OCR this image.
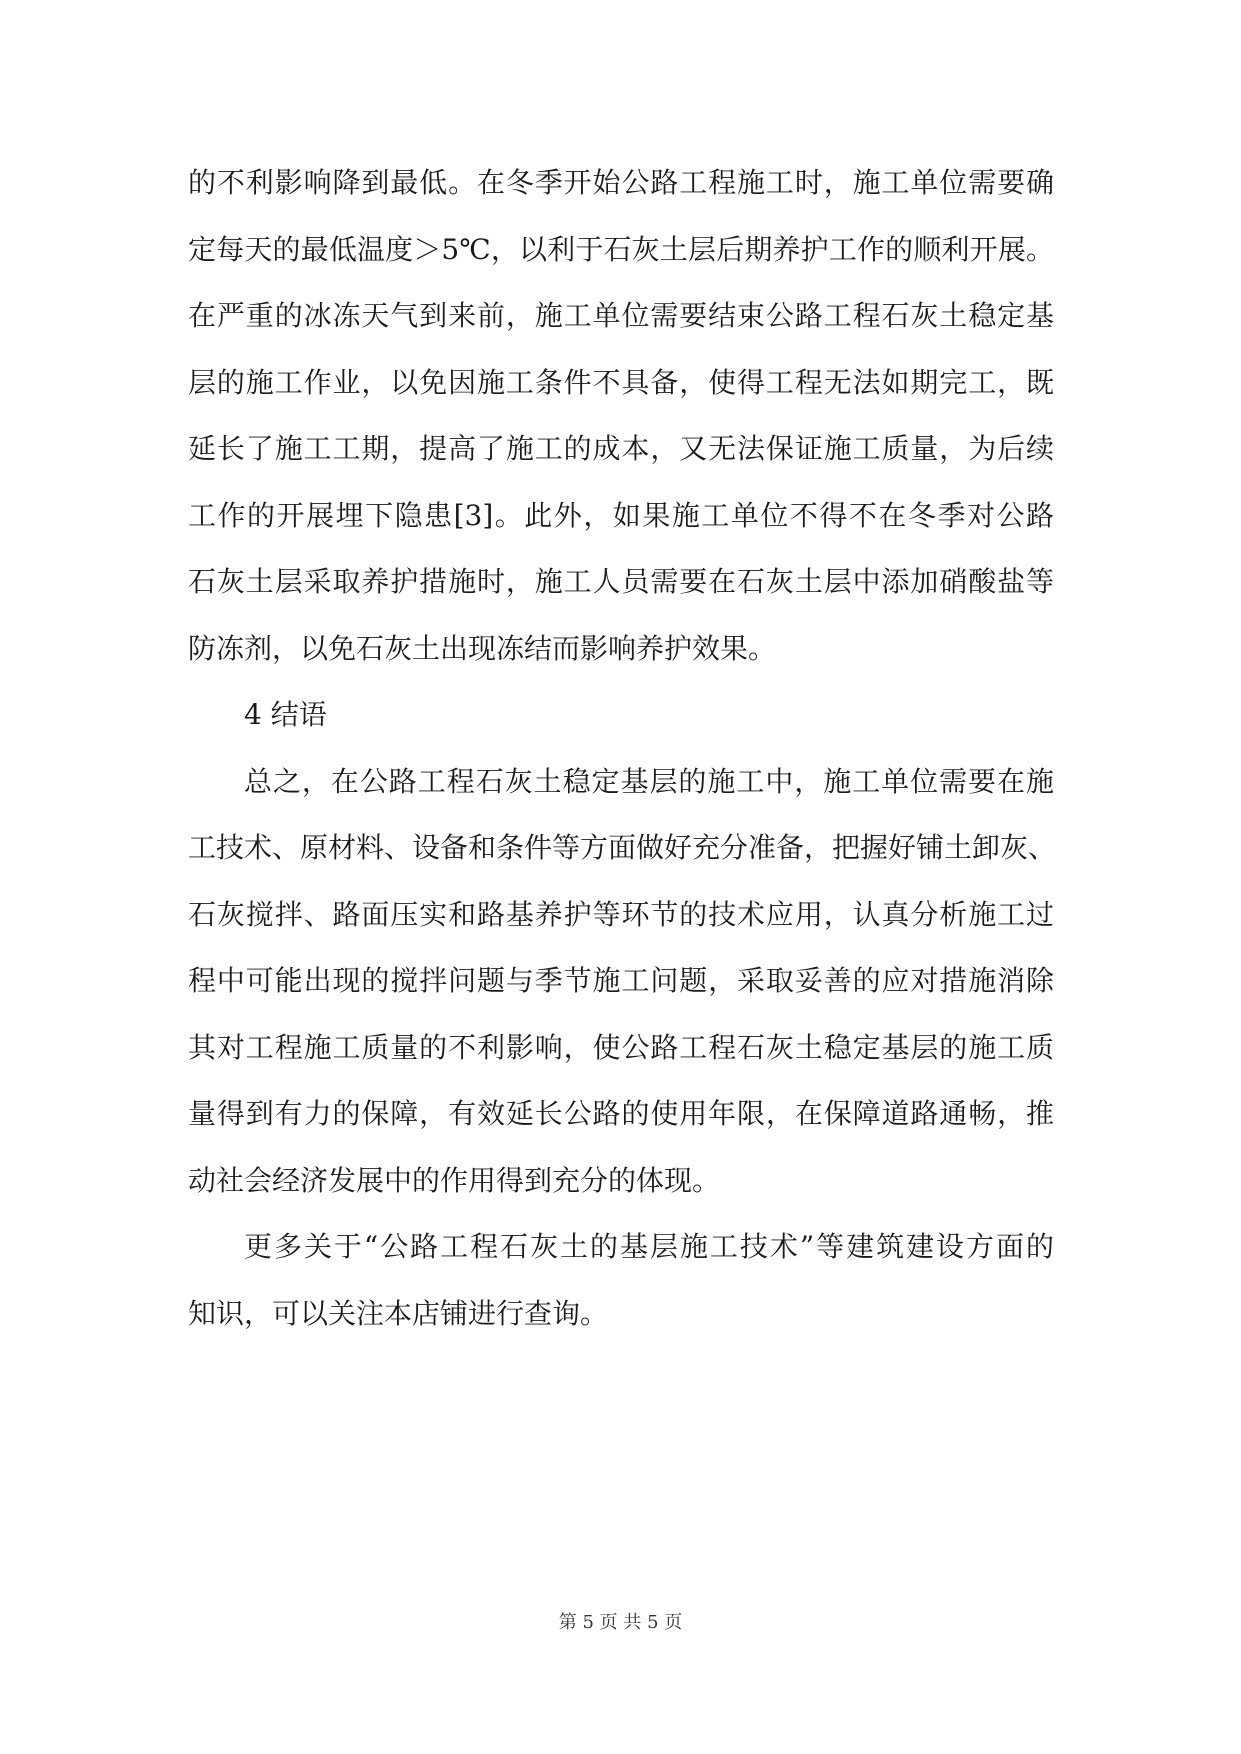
的不利影响降到最低。在冬季开始公路工程施工时，施工单位需要确
定每天的最低温度＞5℃，以利于石灰土层后期养护工作的顺利开展。
在严重的冰冻天气到来前，施工单位需要结束公路工程石灰土稳定基
层的施工作业，以免因施工条件不具备，使得工程无法如期完工，既
延长了施工工期，提高了施工的成本，又无法保证施工质量，为后续
工作的开展埋下隐患[3]。此外，如果施工单位不得不在冬季对公路
石灰土层采取养护措施时，施工人员需要在石灰土层中添加硝酸盐等
防冻剂，以免石灰土出现冻结而影响养护效果。
4 结语
总之，在公路工程石灰土稳定基层的施工中，施工单位需要在施
工技术、原材料、设备和条件等方面做好充分准备，把握好铺土卸灰、
石灰搅拌、路面压实和路基养护等环节的技术应用，认真分析施工过
程中可能出现的搅拌问题与季节施工问题，采取妥善的应对措施消除
其对工程施工质量的不利影响，使公路工程石灰土稳定基层的施工质
量得到有力的保障，有效延长公路的使用年限，在保障道路通畅，推
动社会经济发展中的作用得到充分的体现。
更多关于“公路工程石灰土的基层施工技术”等建筑建设方面的
知识，可以关注本店铺进行查询。
第 5 页 共 5 页
